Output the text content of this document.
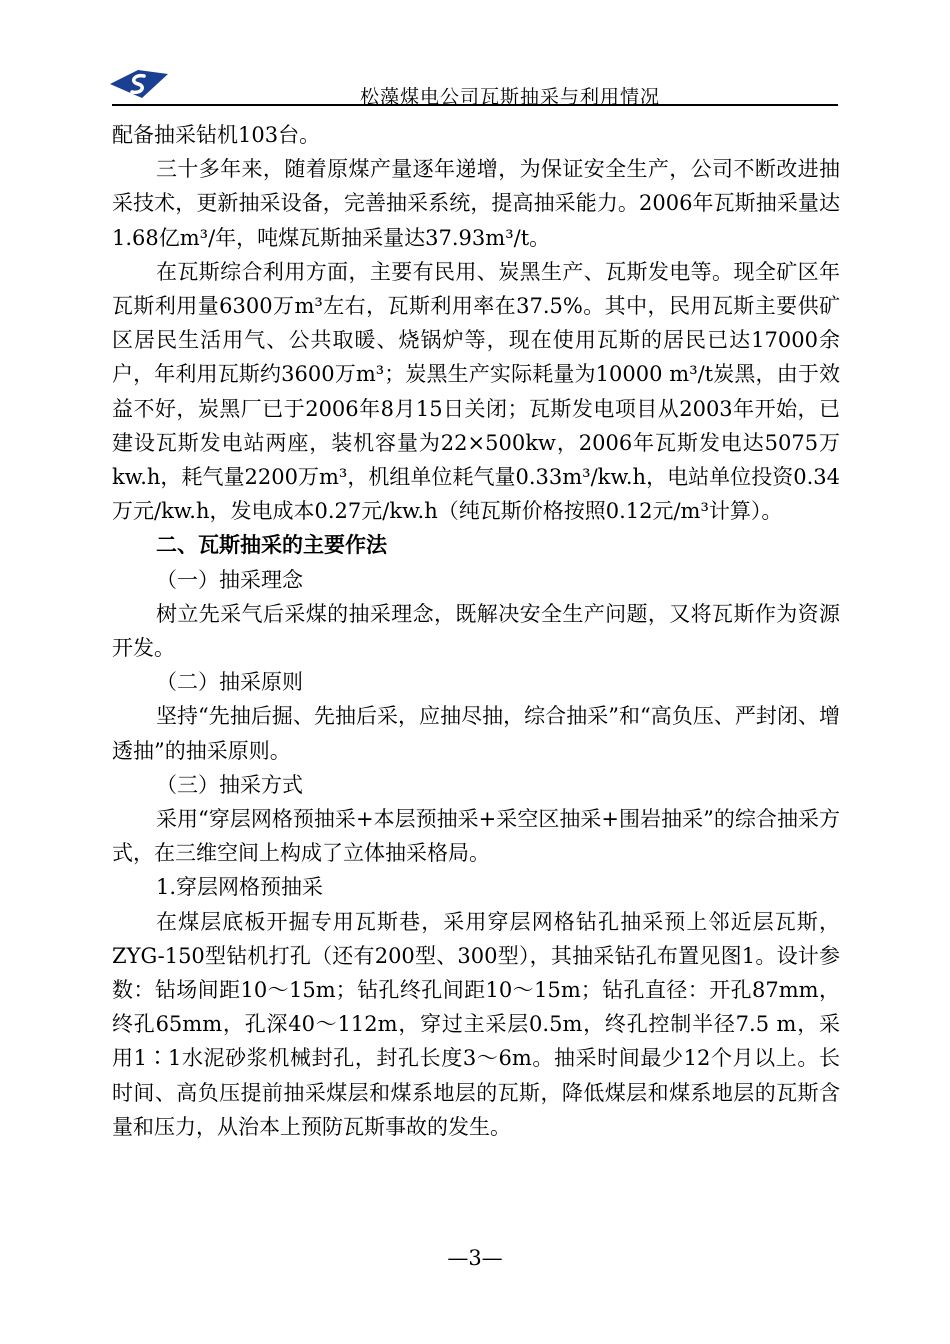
松藻煤电公司瓦斯抽采与利用情况

配备抽采钻机103台。

三十多年来，随着原煤产量逐年递增，为保证安全生产，公司不断改进抽采技术，更新抽采设备，完善抽采系统，提高抽采能力。2006年瓦斯抽采量达1.68亿m³/年，吨煤瓦斯抽采量达37.93m³/t。

在瓦斯综合利用方面，主要有民用、炭黑生产、瓦斯发电等。现全矿区年瓦斯利用量6300万m³左右，瓦斯利用率在37.5%。其中，民用瓦斯主要供矿区居民生活用气、公共取暖、烧锅炉等，现在使用瓦斯的居民已达17000余户，年利用瓦斯约3600万m³；炭黑生产实际耗量为10000 m³/t炭黑，由于效益不好，炭黑厂已于2006年8月15日关闭；瓦斯发电项目从2003年开始，已建设瓦斯发电站两座，装机容量为22×500kw，2006年瓦斯发电达5075万kw.h，耗气量2200万m³，机组单位耗气量0.33m³/kw.h，电站单位投资0.34万元/kw.h，发电成本0.27元/kw.h（纯瓦斯价格按照0.12元/m³计算）。

二、瓦斯抽采的主要作法

（一）抽采理念

树立先采气后采煤的抽采理念，既解决安全生产问题，又将瓦斯作为资源开发。

（二）抽采原则

坚持“先抽后掘、先抽后采，应抽尽抽，综合抽采”和“高负压、严封闭、增透抽”的抽采原则。

（三）抽采方式

采用“穿层网格预抽采+本层预抽采+采空区抽采+围岩抽采”的综合抽采方式，在三维空间上构成了立体抽采格局。

1.穿层网格预抽采

在煤层底板开掘专用瓦斯巷，采用穿层网格钻孔抽采预上邻近层瓦斯，ZYG-150型钻机打孔（还有200型、300型），其抽采钻孔布置见图1。设计参数：钻场间距10～15m；钻孔终孔间距10～15m；钻孔直径：开孔87mm，终孔65mm，孔深40～112m，穿过主采层0.5m，终孔控制半径7.5 m，采用1∶1水泥砂浆机械封孔，封孔长度3～6m。抽采时间最少12个月以上。长时间、高负压提前抽采煤层和煤系地层的瓦斯，降低煤层和煤系地层的瓦斯含量和压力，从治本上预防瓦斯事故的发生。

—3—
